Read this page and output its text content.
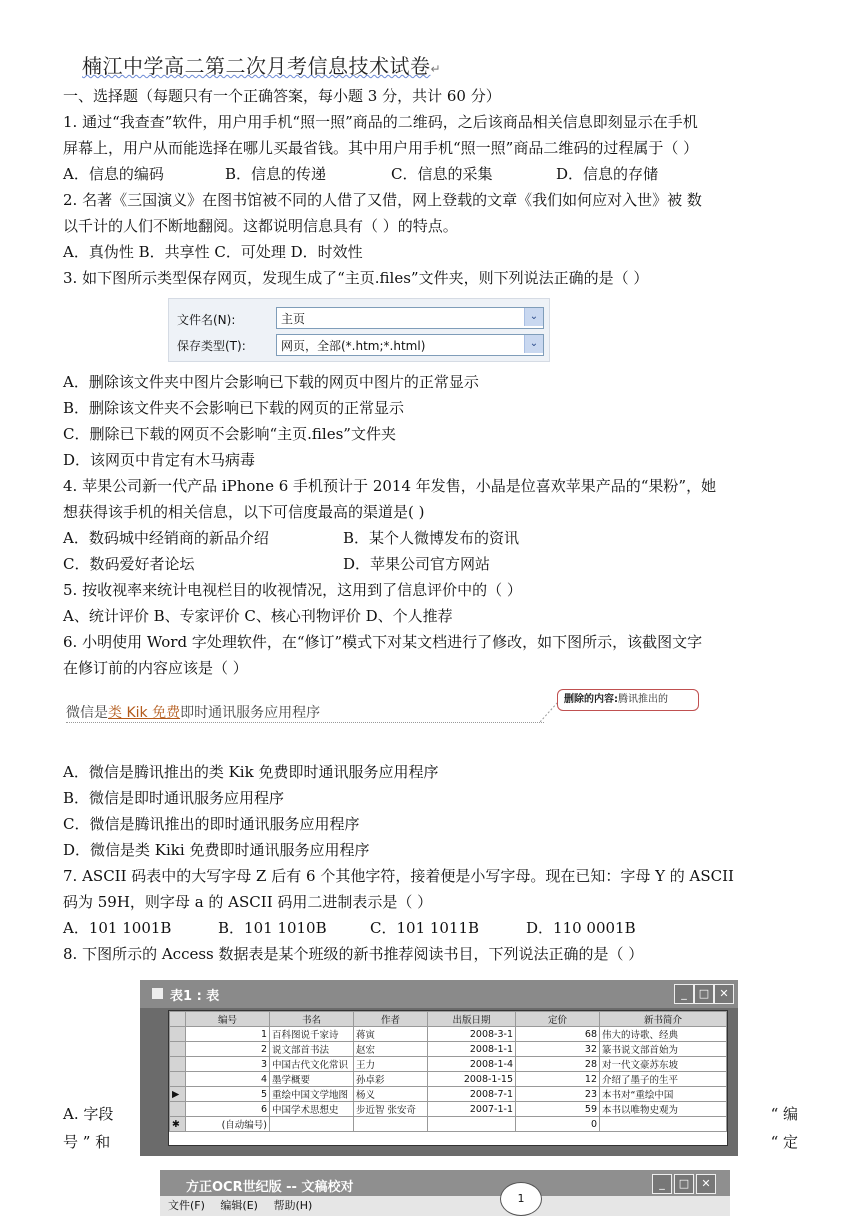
楠江中学高二第二次月考信息技术试卷↵
一、选择题（每题只有一个正确答案，每小题 3 分，共计 60 分）
1. 通过“我查查”软件，用户用手机“照一照”商品的二维码，之后该商品相关信息即刻显示在手机
屏幕上，用户从而能选择在哪儿买最省钱。其中用户用手机“照一照”商品二维码的过程属于（ ）
A．信息的编码	B．信息的传递	C．信息的采集	D．信息的存储
2. 名著《三国演义》在图书馆被不同的人借了又借，网上登载的文章《我们如何应对入世》被 数
以千计的人们不断地翻阅。这都说明信息具有（ ）的特点。
A．真伪性 B．共享性 C．可处理 D．时效性
3. 如下图所示类型保存网页，发现生成了“主页.files”文件夹，则下列说法正确的是（ ）
文件名(N):	主页	⌄
保存类型(T):	网页，全部(*.htm;*.html)	⌄
A．删除该文件夹中图片会影响已下载的网页中图片的正常显示
B．删除该文件夹不会影响已下载的网页的正常显示
C．删除已下载的网页不会影响“主页.files”文件夹
D．该网页中肯定有木马病毒
4. 苹果公司新一代产品 iPhone 6 手机预计于 2014 年发售，小晶是位喜欢苹果产品的“果粉”，她
想获得该手机的相关信息，以下可信度最高的渠道是( )
A．数码城中经销商的新品介绍	B．某个人微博发布的资讯
C．数码爱好者论坛	D．苹果公司官方网站
5. 按收视率来统计电视栏目的收视情况，这用到了信息评价中的（ ）
A、统计评价 B、专家评价 C、核心刊物评价 D、个人推荐
6. 小明使用 Word 字处理软件，在“修订”模式下对某文档进行了修改，如下图所示，该截图文字
在修订前的内容应该是（ ）
微信是类 Kik 免费即时通讯服务应用程序
删除的内容:腾讯推出的
A．微信是腾讯推出的类 Kik 免费即时通讯服务应用程序
B．微信是即时通讯服务应用程序
C．微信是腾讯推出的即时通讯服务应用程序
D．微信是类 Kiki 免费即时通讯服务应用程序
7. ASCII 码表中的大写字母 Z 后有 6 个其他字符，接着便是小写字母。现在已知：字母 Y 的 ASCII
码为 59H，则字母 a 的 ASCII 码用二进制表示是（ ）
A．101 1001B	B．101 1010B	C．101 1011B	D．110 0001B
8. 下图所示的 Access 数据表是某个班级的新书推荐阅读书目，下列说法正确的是（ ）
表1 : 表	_	□ ✕
	编号	书名	作者	出版日期	定价	新书简介
	1	百科图说千家诗	蒋寅	2008-3-1	68	伟大的诗歌、经典
	2	说文部首书法	赵宏	2008-1-1	32	篆书说文部首始为
	3	中国古代文化常识	王力	2008-1-4	28	对一代文豪苏东坡
	4	墨学概要	孙卓彩	2008-1-15	12	介绍了墨子的生平
▶	5	重绘中国文学地图	杨义	2008-7-1	23	本书对“重绘中国
	6	中国学术思想史	步近智 张安奇	2007-1-1	59	本书以唯物史观为
✱	(自动编号)				0	
A. 字段
号 ” 和
“ 编
“ 定
方正OCR世纪版 -- 文稿校对	_	□	✕
文件(F) 编辑(E) 帮助(H)
1
